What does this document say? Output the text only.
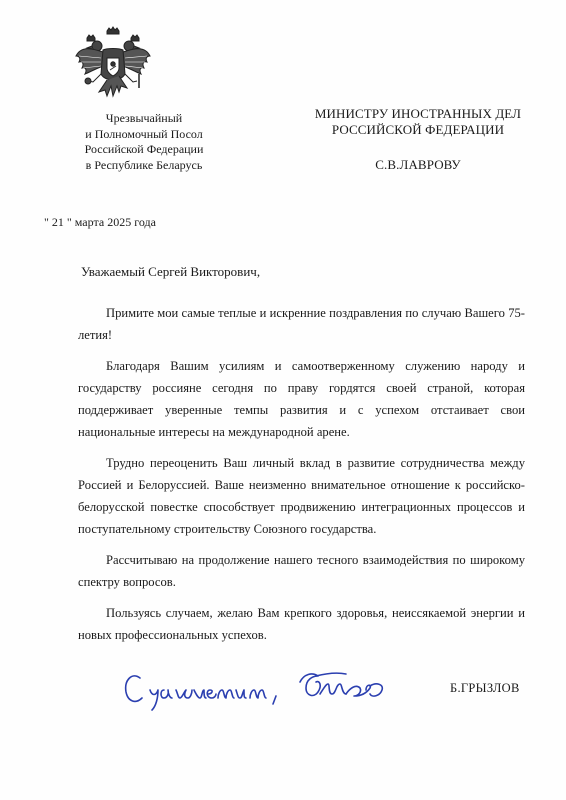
Чрезвычайный
и Полномочный Посол
Российской Федерации
в Республике Беларусь
МИНИСТРУ ИНОСТРАННЫХ ДЕЛ
РОССИЙСКОЙ ФЕДЕРАЦИИ
С.В.ЛАВРОВУ
" 21 " марта 2025 года
Уважаемый Сергей Викторович,

Примите мои самые теплые и искренние поздравления по случаю Вашего 75-летия!

Благодаря Вашим усилиям и самоотверженному служению народу и государству россияне сегодня по праву гордятся своей страной, которая поддерживает уверенные темпы развития и с успехом отстаивает свои национальные интересы на международной арене.

Трудно переоценить Ваш личный вклад в развитие сотрудничества между Россией и Белоруссией. Ваше неизменно внимательное отношение к российско-белорусской повестке способствует продвижению интеграционных процессов и поступательному строительству Союзного государства.

Рассчитываю на продолжение нашего тесного взаимодействия по широкому спектру вопросов.

Пользуясь случаем, желаю Вам крепкого здоровья, неиссякаемой энергии и новых профессиональных успехов.

Б.ГРЫЗЛОВ
